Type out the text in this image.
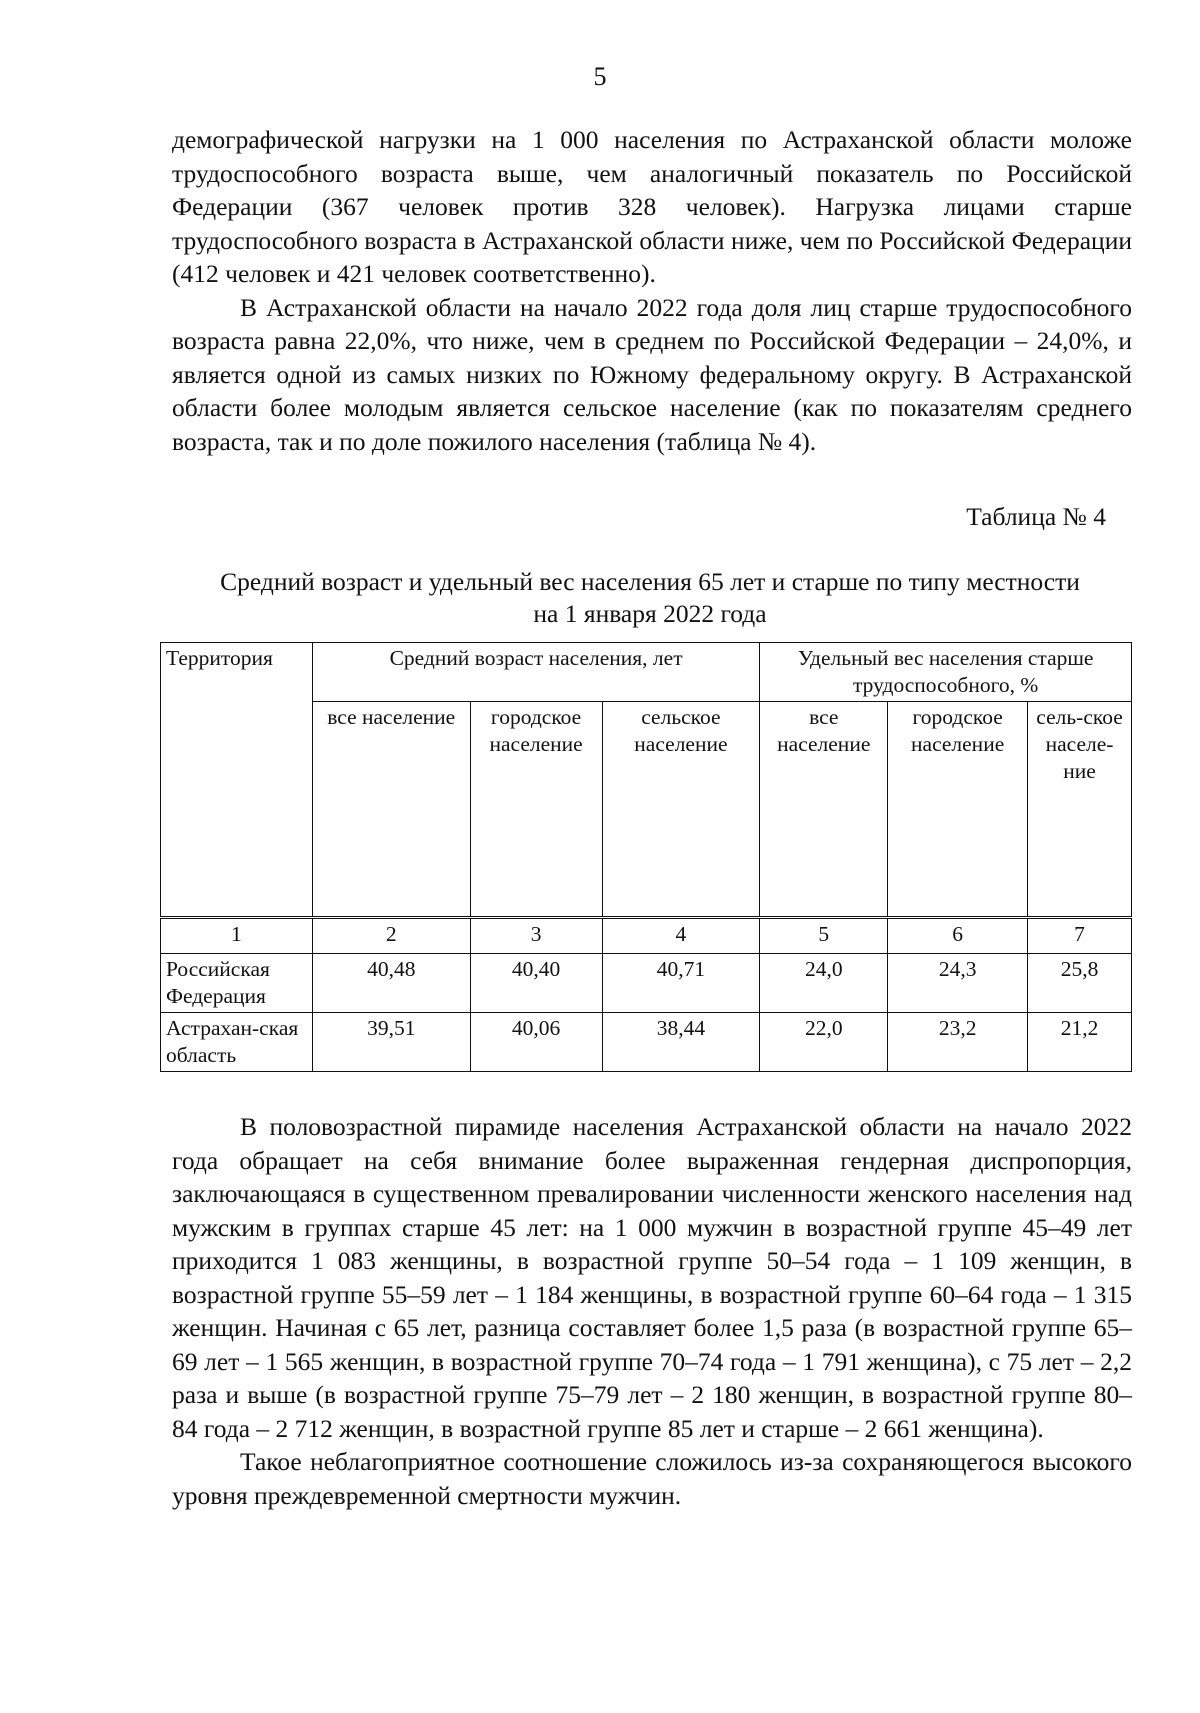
5

демографической нагрузки на 1 000 населения по Астраханской области моложе трудоспособного возраста выше, чем аналогичный показатель по Российской Федерации (367 человек против 328 человек). Нагрузка лицами старше трудоспособного возраста в Астраханской области ниже, чем по Российской Федерации (412 человек и 421 человек соответственно).

В Астраханской области на начало 2022 года доля лиц старше трудоспособного возраста равна 22,0%, что ниже, чем в среднем по Российской Федерации – 24,0%, и является одной из самых низких по Южному федеральному округу. В Астраханской области более молодым является сельское население (как по показателям среднего возраста, так и по доле пожилого населения (таблица № 4).

Таблица № 4
Средний возраст и удельный вес населения 65 лет и старше по типу местности
на 1 января 2022 года
Территория	Средний возраст населения, лет			Удельный вес населения старше трудоспособного, %		
	все население	городское население	сельское население	все население	городское население	сель-ское населе-ние
1	2	3	4	5	6	7
Российская Федерация	40,48	40,40	40,71	24,0	24,3	25,8
Астрахан-ская область	39,51	40,06	38,44	22,0	23,2	21,2

В половозрастной пирамиде населения Астраханской области на начало 2022 года обращает на себя внимание более выраженная гендерная диспропорция, заключающаяся в существенном превалировании численности женского населения над мужским в группах старше 45 лет: на 1 000 мужчин в возрастной группе 45–49 лет приходится 1 083 женщины, в возрастной группе 50–54 года – 1 109 женщин, в возрастной группе 55–59 лет – 1 184 женщины, в возрастной группе 60–64 года – 1 315 женщин. Начиная с 65 лет, разница составляет более 1,5 раза (в возрастной группе 65–69 лет – 1 565 женщин, в возрастной группе 70–74 года – 1 791 женщина), с 75 лет – 2,2 раза и выше (в возрастной группе 75–79 лет – 2 180 женщин, в возрастной группе 80–84 года – 2 712 женщин, в возрастной группе 85 лет и старше – 2 661 женщина).

Такое неблагоприятное соотношение сложилось из-за сохраняющегося высокого уровня преждевременной смертности мужчин.
